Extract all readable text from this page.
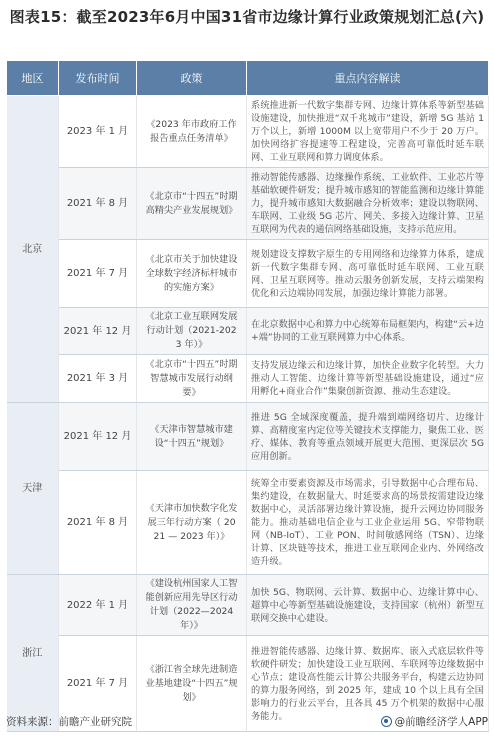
图表15：截至2023年6月中国31省市边缘计算行业政策规划汇总(六)
地区	发布时间	政策	重点内容解读
北京	2023 年 1 月	《2023 年市政府工作报告重点任务清单》	系统推进新一代数字集群专网、边缘计算体系等新型基础设施建设，加快推进“双千兆城市”建设，新增 5G 基站 1 万个以上，新增 1000M 以上宽带用户不少于 20 万户。加快网络扩容提速等工程建设，完善高可靠低时延车联网、工业互联网和算力调度体系。
	2021 年 8 月	《北京市“十四五”时期高精尖产业发展规划》	推动智能传感器、边缘操作系统、工业软件、工业芯片等基础软硬件研发；提升城市感知的智能监测和边缘计算能力，提升城市感知大数据融合分析效率；建设以物联网、车联网、工业级 5G 芯片、网关、多接入边缘计算、卫星互联网为代表的通信网络基础设施，支持示范应用。
	2021 年 7 月	《北京市关于加快建设全球数字经济标杆城市的实施方案》	规划建设支撑数字原生的专用网络和边缘算力体系，建成新一代数字集群专网、高可靠低时延车联网、工业互联网、卫星互联网等。推动云服务创新发展，支持云端架构优化和云边端协同发展，加强边缘计算能力部署。
	2021 年 12 月	《北京工业互联网发展行动计划（2021-2023 年）》	在北京数据中心和算力中心统筹布局框架内，构建“云+边+端”协同的工业互联网算力中心体系。
	2021 年 3 月	《北京市“十四五”时期智慧城市发展行动纲要》	支持发展边缘云和边缘计算，加快企业数字化转型。大力推动人工智能、边缘计算等新型基础设施建设，通过“应用孵化+商业合作”集聚创新资源、推动生态建设。
天津	2021 年 12 月	《天津市智慧城市建设“十四五”规划》	推进 5G 全域深度覆盖，提升端到端网络切片、边缘计算、高精度室内定位等关键技术支撑能力，聚焦工业、医疗、媒体、教育等重点领域开展更大范围、更深层次 5G 应用创新。
	2021 年 8 月	《天津市加快数字化发展三年行动方案（ 2021 — 2023 年）》	统筹全市要素资源及市场需求，引导数据中心合理布局、集约建设，在数据量大、时延要求高的场景按需建设边缘数据中心，灵活部署边缘计算设施，提升云网边协同服务能力。推动基础电信企业与工业企业运用 5G、窄带物联网（NB-IoT）、工业 PON、时间敏感网络（TSN）、边缘计算、区块链等技术，推进工业互联网企业内、外网络改造升级。
浙江	2022 年 1 月	《建设杭州国家人工智能创新应用先导区行动计划（2022—2024 年）》	加快 5G、物联网、云计算、数据中心、边缘计算中心、超算中心等新型基础设施建设，支持国家（杭州）新型互联网交换中心建设。
	2021 年 7 月	《浙江省全球先进制造业基地建设“十四五”规划》	推进智能传感器、边缘计算、数据库、嵌入式底层软件等软硬件研发；加快建设工业互联网、车联网等边缘数据中心节点；建设高性能云计算公共服务平台，构建云边协同的算力服务网络，到 2025 年，建成 10 个以上具有全国影响力的行业云平台，且各具 45 万个机架的数据中心服务能力。
资料来源：前瞻产业研究院	@前瞻经济学人APP
